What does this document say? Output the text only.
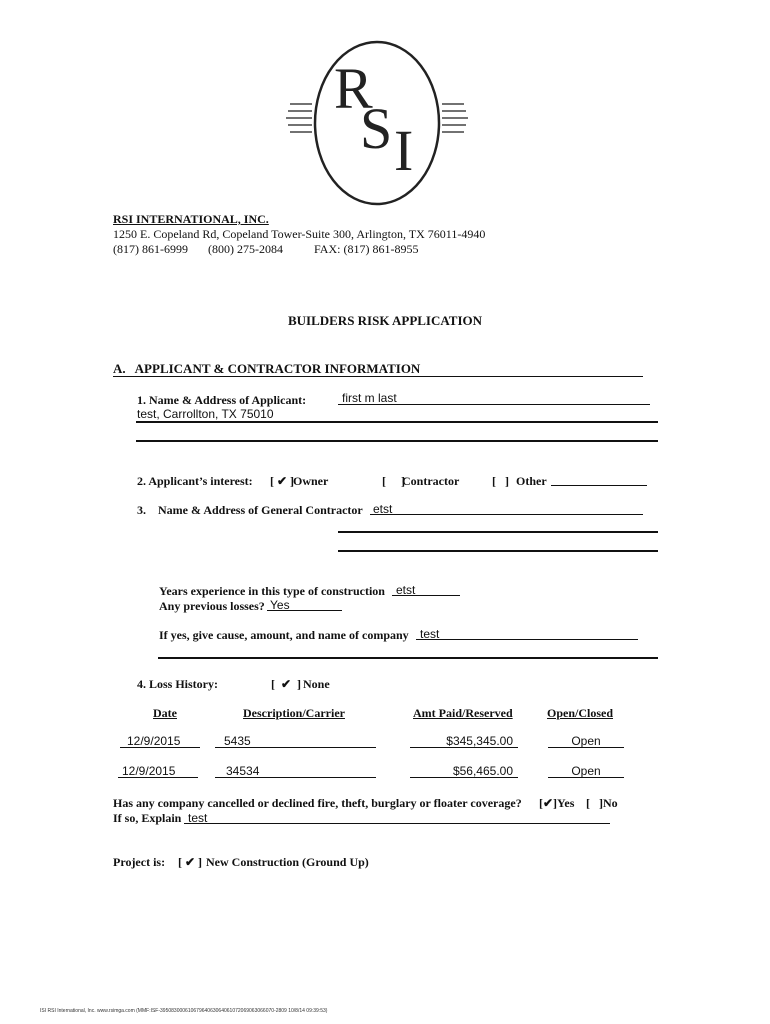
R
S I
RSI INTERNATIONAL, INC.
1250 E. Copeland Rd, Copeland Tower-Suite 300, Arlington, TX 76011-4940
(817) 861-6999 (800) 275-2084	FAX: (817) 861-8955
BUILDERS RISK APPLICATION
A.   APPLICANT & CONTRACTOR INFORMATION
1. Name & Address of Applicant:	first m last
test, Carrollton, TX 75010
2. Applicant’s interest: [ ✔ ]
Owner	[     ]
Contractor	[   ] Other
3.    Name & Address of General Contractor etst
Years experience in this type of construction etst
Any previous losses? Yes
If yes, give cause, amount, and name of company test
4. Loss History:	[  ✔  ] None
Date	Description/Carrier	Amt Paid/Reserved	Open/Closed
12/9/2015	5435	$345,345.00	Open
12/9/2015	34534	$56,465.00	Open
Has any company cancelled or declined fire, theft, burglary or floater coverage? [✔]Yes [   ]No
If so, Explain test
Project is: [ ✔ ] New Construction (Ground Up)
ISI RSI International, Inc. www.rsimga.com (MMF:ISF-39508300061067964063064061072069063066070-2809 10/8/14 09:39:53)
